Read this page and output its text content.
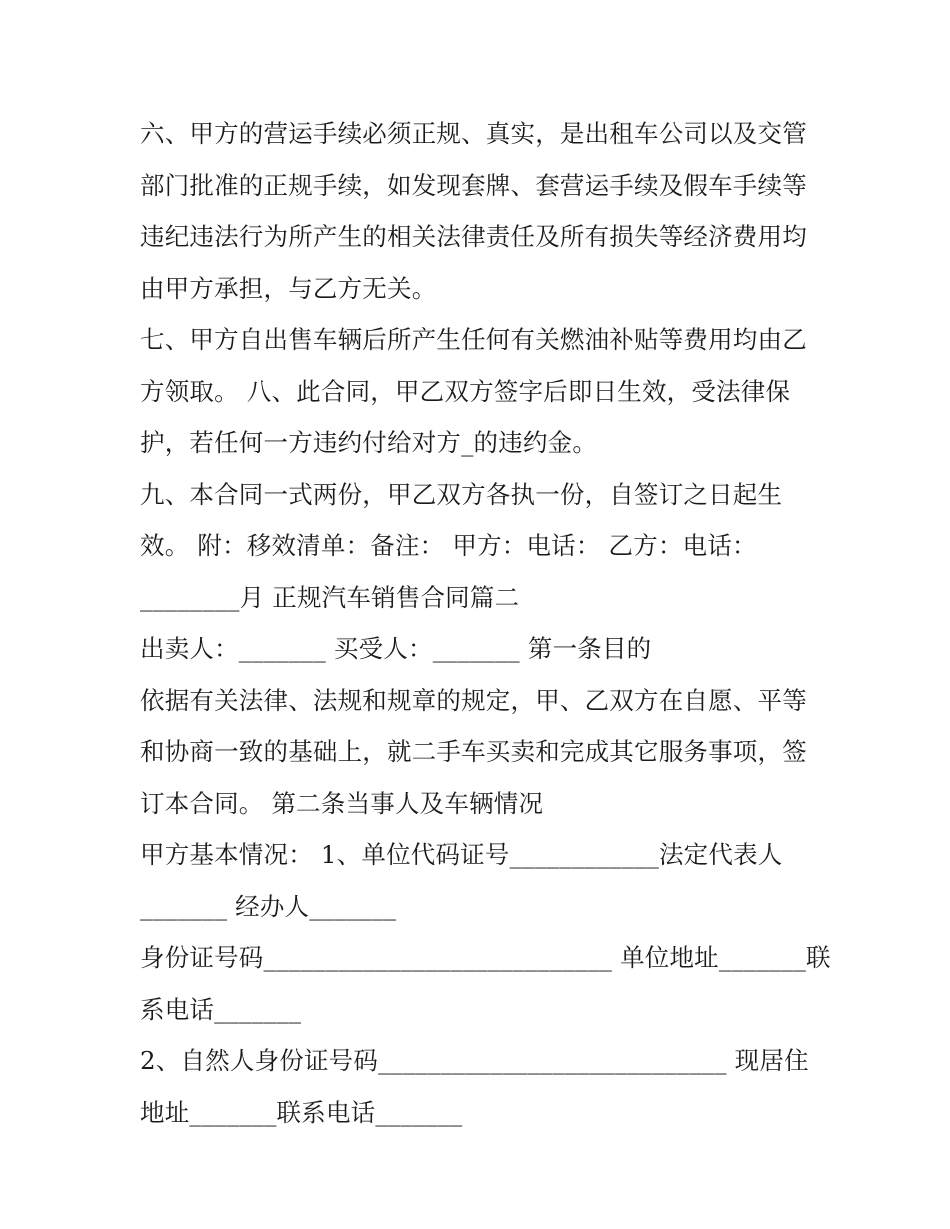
六、甲方的营运手续必须正规、真实，是出租车公司以及交管
部门批准的正规手续，如发现套牌、套营运手续及假车手续等
违纪违法行为所产生的相关法律责任及所有损失等经济费用均
由甲方承担，与乙方无关。
七、甲方自出售车辆后所产生任何有关燃油补贴等费用均由乙
方领取。 八、此合同，甲乙双方签字后即日生效，受法律保
护，若任何一方违约付给对方_的违约金。
九、本合同一式两份，甲乙双方各执一份，自签订之日起生
效。 附：移效清单：备注： 甲方：电话： 乙方：电话：
________月 正规汽车销售合同篇二
出卖人：_______ 买受人：_______ 第一条目的
依据有关法律、法规和规章的规定，甲、乙双方在自愿、平等
和协商一致的基础上，就二手车买卖和完成其它服务事项，签
订本合同。 第二条当事人及车辆情况
甲方基本情况： 1、单位代码证号____________法定代表人
_______ 经办人_______
身份证号码____________________________ 单位地址_______联
系电话_______
2、自然人身份证号码____________________________ 现居住
地址_______联系电话_______
